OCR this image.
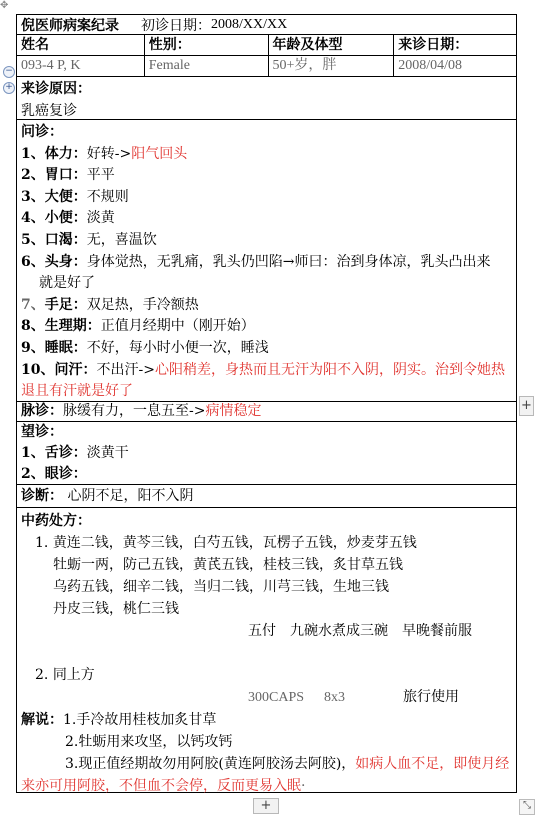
✥
−
+
+
+	⤡
倪医师病案纪录 初诊日期： 2008/XX/XX
姓名	性别：	年龄及体型	来诊日期：
093-4 P, K	Female	50+岁，胖	2008/04/08
来诊原因：
乳癌复诊
问诊：
1、体力：好转->阳气回头
2、胃口：平平
3、大便：不规则
4、小便：淡黄
5、口渴：无，喜温饮
6、头身：身体觉热，无乳痛，乳头仍凹陷→师曰：治到身体凉，乳头凸出来
就是好了
7、手足：双足热，手冷额热
8、生理期：正值月经期中（刚开始）
9、睡眠：不好，每小时小便一次，睡浅
10、问汗：不出汗->心阳稍差，身热而且无汗为阳不入阴，阴实。治到令她热
退且有汗就是好了
脉诊：脉缓有力，一息五至->病情稳定
望诊：
1、舌诊：淡黄干
2、眼诊：
诊断： 心阴不足，阳不入阴
中药处方：
1. 黄连二钱，黄芩三钱，白芍五钱，瓦楞子五钱，炒麦芽五钱
牡蛎一两，防己五钱，黄芪五钱，桂枝三钱，炙甘草五钱
乌药五钱，细辛二钱，当归二钱，川芎三钱，生地三钱
丹皮三钱，桃仁三钱
五付　九碗水煮成三碗　早晚餐前服
2. 同上方
300CAPS 8x3	旅行使用
解说：1.手冷故用桂枝加炙甘草
2.牡蛎用来攻坚，以钙攻钙
3.现正值经期故勿用阿胶(黄连阿胶汤去阿胶)，如病人血不足，即使月经
来亦可用阿胶，不但血不会停，反而更易入眠·
